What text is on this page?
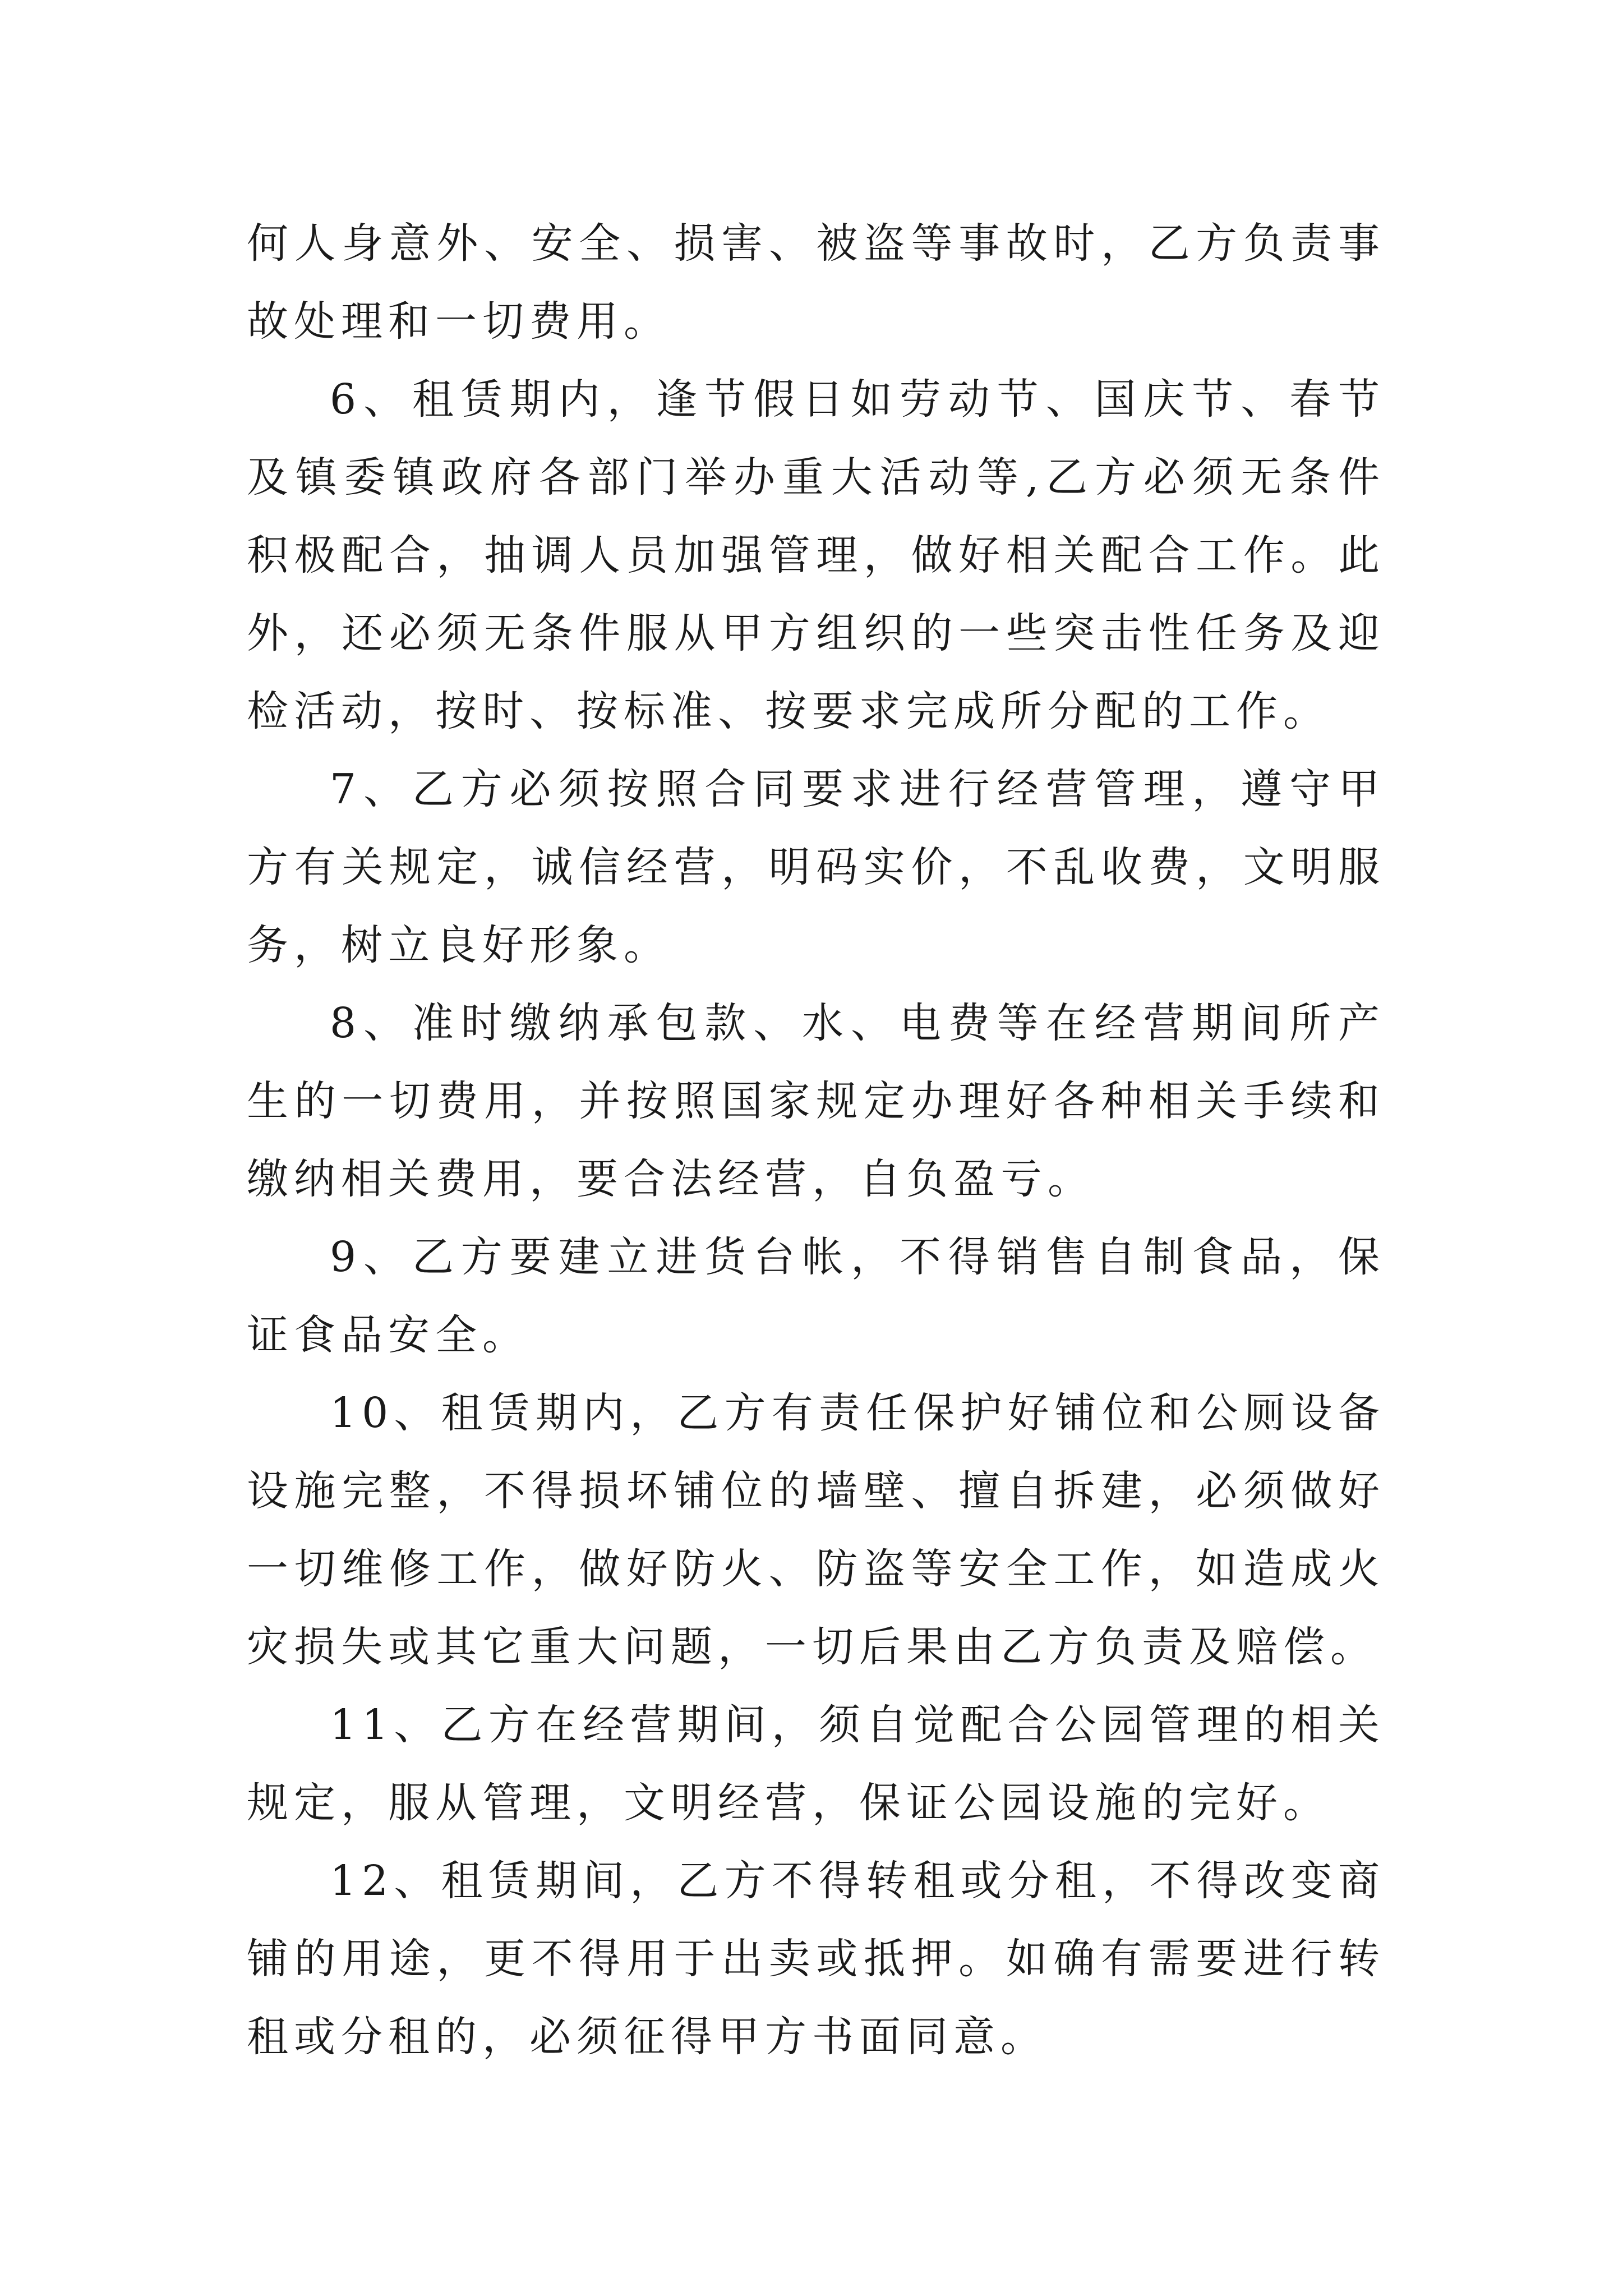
何人身意外、安全、损害、被盗等事故时，乙方负责事故处理和一切费用。

6、租赁期内，逢节假日如劳动节、国庆节、春节及镇委镇政府各部门举办重大活动等,乙方必须无条件积极配合，抽调人员加强管理，做好相关配合工作。此外，还必须无条件服从甲方组织的一些突击性任务及迎检活动，按时、按标准、按要求完成所分配的工作。

7、乙方必须按照合同要求进行经营管理，遵守甲方有关规定，诚信经营，明码实价，不乱收费，文明服务，树立良好形象。

8、准时缴纳承包款、水、电费等在经营期间所产生的一切费用，并按照国家规定办理好各种相关手续和缴纳相关费用，要合法经营，自负盈亏。

9、乙方要建立进货台帐，不得销售自制食品，保证食品安全。

10、租赁期内，乙方有责任保护好铺位和公厕设备设施完整，不得损坏铺位的墙壁、擅自拆建，必须做好一切维修工作，做好防火、防盗等安全工作，如造成火灾损失或其它重大问题，一切后果由乙方负责及赔偿。

11、乙方在经营期间，须自觉配合公园管理的相关规定，服从管理，文明经营，保证公园设施的完好。

12、租赁期间，乙方不得转租或分租，不得改变商铺的用途，更不得用于出卖或抵押。如确有需要进行转租或分租的，必须征得甲方书面同意。
